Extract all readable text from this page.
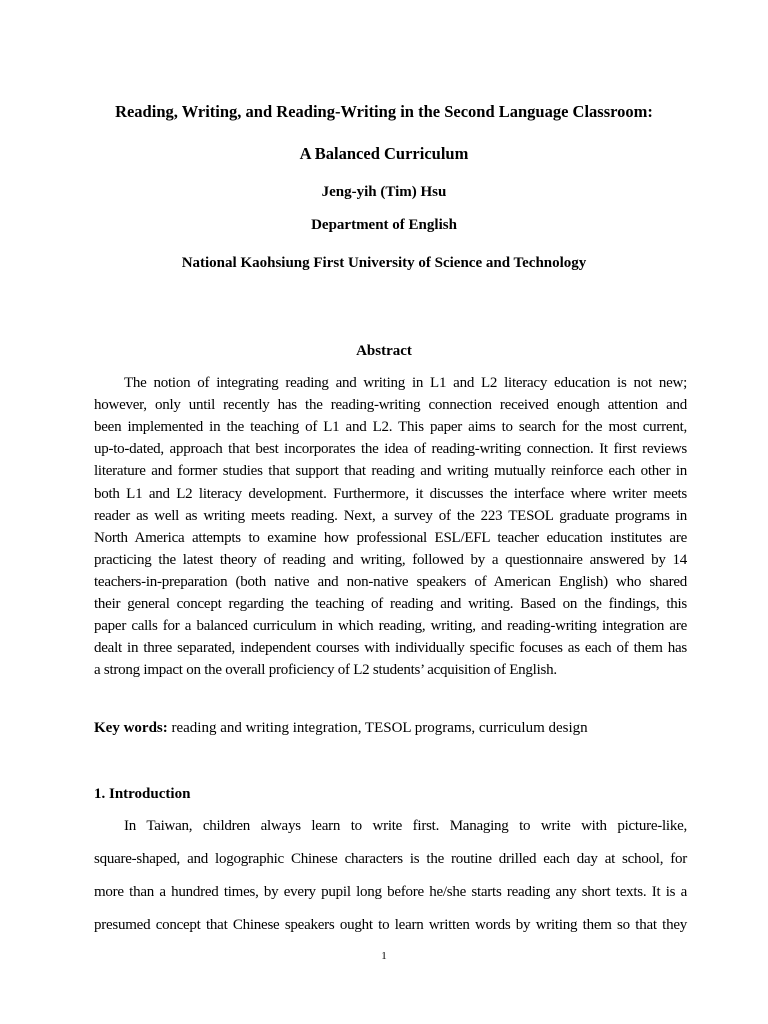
Reading, Writing, and Reading-Writing in the Second Language Classroom:
A Balanced Curriculum
Jeng-yih (Tim) Hsu
Department of English
National Kaohsiung First University of Science and Technology
Abstract
The notion of integrating reading and writing in L1 and L2 literacy education is not new;
however, only until recently has the reading-writing connection received enough attention and
been implemented in the teaching of L1 and L2. This paper aims to search for the most current,
up-to-dated, approach that best incorporates the idea of reading-writing connection. It first reviews
literature and former studies that support that reading and writing mutually reinforce each other in
both L1 and L2 literacy development. Furthermore, it discusses the interface where writer meets
reader as well as writing meets reading. Next, a survey of the 223 TESOL graduate programs in
North America attempts to examine how professional ESL/EFL teacher education institutes are
practicing the latest theory of reading and writing, followed by a questionnaire answered by 14
teachers-in-preparation (both native and non-native speakers of American English) who shared
their general concept regarding the teaching of reading and writing. Based on the findings, this
paper calls for a balanced curriculum in which reading, writing, and reading-writing integration are
dealt in three separated, independent courses with individually specific focuses as each of them has
a strong impact on the overall proficiency of L2 students’ acquisition of English.
Key words: reading and writing integration, TESOL programs, curriculum design
1. Introduction
In Taiwan, children always learn to write first. Managing to write with picture-like,
square-shaped, and logographic Chinese characters is the routine drilled each day at school, for
more than a hundred times, by every pupil long before he/she starts reading any short texts. It is a
presumed concept that Chinese speakers ought to learn written words by writing them so that they
1
